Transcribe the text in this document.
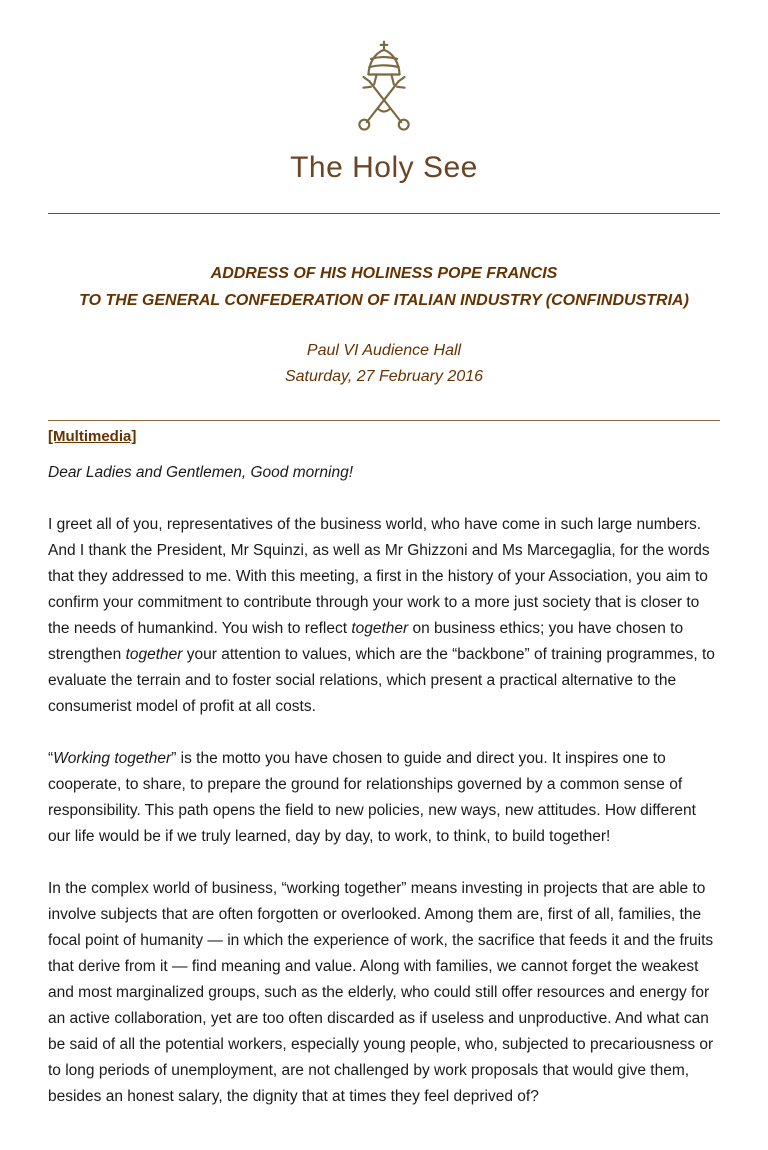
The Holy See
ADDRESS OF HIS HOLINESS POPE FRANCIS
TO THE GENERAL CONFEDERATION OF ITALIAN INDUSTRY (CONFINDUSTRIA)
Paul VI Audience Hall
Saturday, 27 February 2016

[Multimedia]

Dear Ladies and Gentlemen, Good morning!

I greet all of you, representatives of the business world, who have come in such large numbers. And I thank the President, Mr Squinzi, as well as Mr Ghizzoni and Ms Marcegaglia, for the words that they addressed to me. With this meeting, a first in the history of your Association, you aim to confirm your commitment to contribute through your work to a more just society that is closer to the needs of humankind. You wish to reflect together on business ethics; you have chosen to strengthen together your attention to values, which are the “backbone” of training programmes, to evaluate the terrain and to foster social relations, which present a practical alternative to the consumerist model of profit at all costs.

“Working together” is the motto you have chosen to guide and direct you. It inspires one to cooperate, to share, to prepare the ground for relationships governed by a common sense of responsibility. This path opens the field to new policies, new ways, new attitudes. How different our life would be if we truly learned, day by day, to work, to think, to build together!

In the complex world of business, “working together” means investing in projects that are able to involve subjects that are often forgotten or overlooked. Among them are, first of all, families, the focal point of humanity — in which the experience of work, the sacrifice that feeds it and the fruits that derive from it — find meaning and value. Along with families, we cannot forget the weakest and most marginalized groups, such as the elderly, who could still offer resources and energy for an active collaboration, yet are too often discarded as if useless and unproductive. And what can be said of all the potential workers, especially young people, who, subjected to precariousness or to long periods of unemployment, are not challenged by work proposals that would give them, besides an honest salary, the dignity that at times they feel deprived of?
